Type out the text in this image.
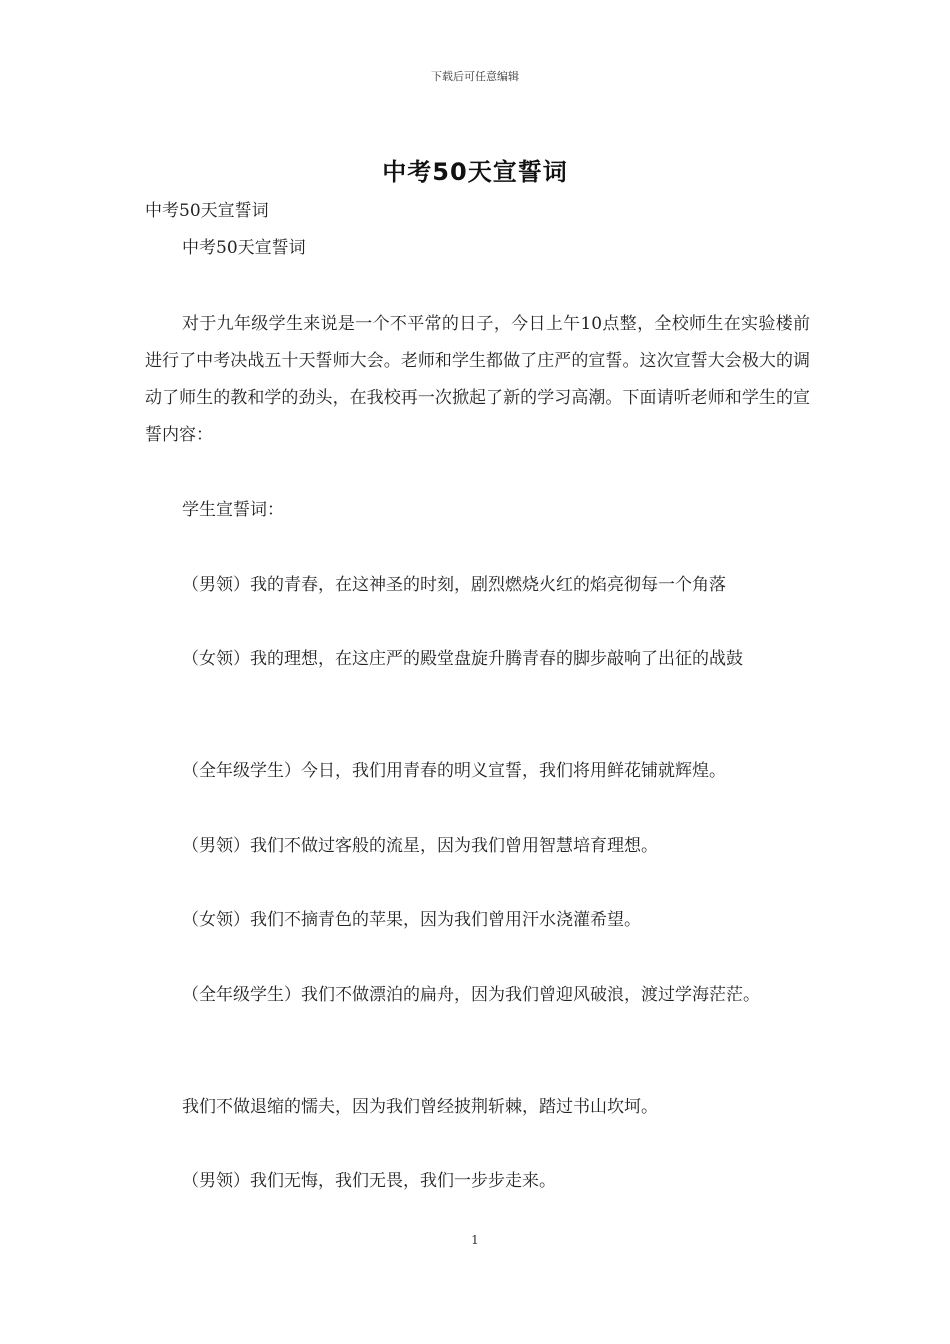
下载后可任意编辑
中考50天宣誓词

中考50天宣誓词

中考50天宣誓词

对于九年级学生来说是一个不平常的日子，今日上午10点整，全校师生在实验楼前进行了中考决战五十天誓师大会。老师和学生都做了庄严的宣誓。这次宣誓大会极大的调动了师生的教和学的劲头，在我校再一次掀起了新的学习高潮。下面请听老师和学生的宣誓内容：

学生宣誓词：

（男领）我的青春，在这神圣的时刻，剧烈燃烧火红的焰亮彻每一个角落

（女领）我的理想，在这庄严的殿堂盘旋升腾青春的脚步敲响了出征的战鼓

（全年级学生）今日，我们用青春的明义宣誓，我们将用鲜花铺就辉煌。

（男领）我们不做过客般的流星，因为我们曾用智慧培育理想。

（女领）我们不摘青色的苹果，因为我们曾用汗水浇灌希望。

（全年级学生）我们不做漂泊的扁舟，因为我们曾迎风破浪，渡过学海茫茫。

我们不做退缩的懦夫，因为我们曾经披荆斩棘，踏过书山坎坷。

（男领）我们无悔，我们无畏，我们一步步走来。

1
